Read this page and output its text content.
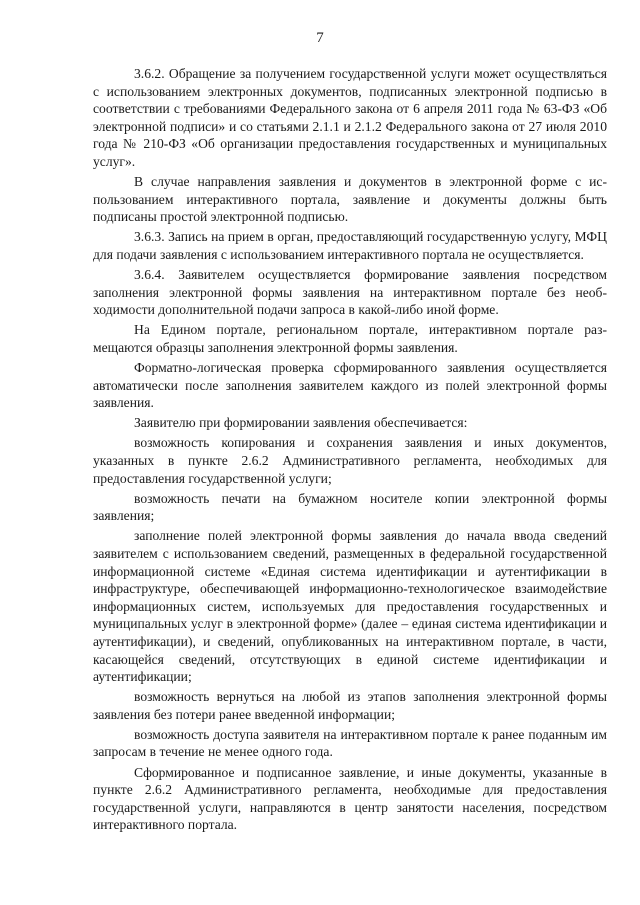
7

3.6.2. Обращение за получением государственной услуги может осуществляться с использованием электронных документов, подписанных электронной подписью в соответствии с требованиями Федерального закона от 6 апреля 2011 года № 63-ФЗ «Об электронной подписи» и со статьями 2.1.1 и 2.1.2 Федерального закона от 27 июля 2010 года № 210-ФЗ «Об организации предоставления государственных и муниципальных услуг».

В случае направления заявления и документов в электронной форме с использованием интерактивного портала, заявление и документы должны быть подписаны простой электронной подписью.

3.6.3. Запись на прием в орган, предоставляющий государственную услугу, МФЦ для подачи заявления с использованием интерактивного портала не осуществляется.

3.6.4. Заявителем осуществляется формирование заявления посредством заполнения электронной формы заявления на интерактивном портале без необходимости дополнительной подачи запроса в какой-либо иной форме.

На Едином портале, региональном портале, интерактивном портале размещаются образцы заполнения электронной формы заявления.

Форматно-логическая проверка сформированного заявления осуществляется автоматически после заполнения заявителем каждого из полей электронной формы заявления.

Заявителю при формировании заявления обеспечивается:

возможность копирования и сохранения заявления и иных документов, указанных в пункте 2.6.2 Административного регламента, необходимых для предоставления государственной услуги;

возможность печати на бумажном носителе копии электронной формы заявления;

заполнение полей электронной формы заявления до начала ввода сведений заявителем с использованием сведений, размещенных в федеральной государственной информационной системе «Единая система идентификации и аутентификации в инфраструктуре, обеспечивающей информационно-технологическое взаимодействие информационных систем, используемых для предоставления государственных и муниципальных услуг в электронной форме» (далее – единая система идентификации и аутентификации), и сведений, опубликованных на интерактивном портале, в части, касающейся сведений, отсутствующих в единой системе идентификации и аутентификации;

возможность вернуться на любой из этапов заполнения электронной формы заявления без потери ранее введенной информации;

возможность доступа заявителя на интерактивном портале к ранее поданным им запросам в течение не менее одного года.

Сформированное и подписанное заявление, и иные документы, указанные в пункте 2.6.2 Административного регламента, необходимые для предоставления государственной услуги, направляются в центр занятости населения, посредством интерактивного портала.
